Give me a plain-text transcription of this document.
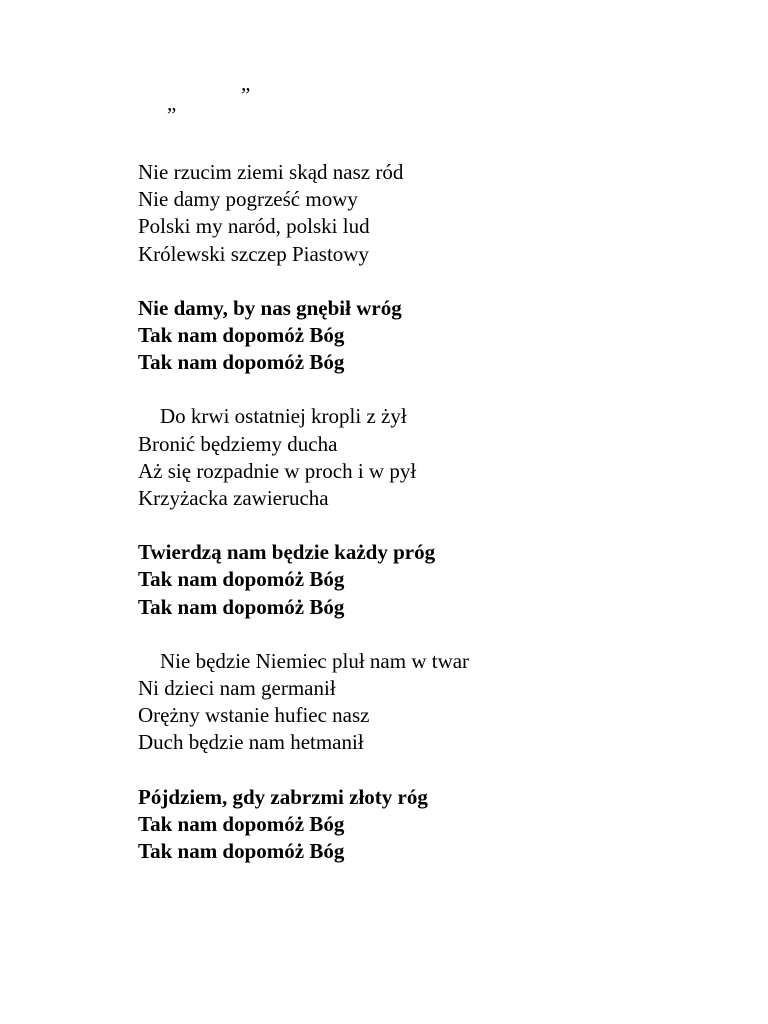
„	”
Nie rzucim ziemi skąd nasz ród
Nie damy pogrześć mowy
Polski my naród, polski lud
Królewski szczep Piastowy
Nie damy, by nas gnębił wróg
Tak nam dopomóż Bóg
Tak nam dopomóż Bóg
Do krwi ostatniej kropli z żył
Bronić będziemy ducha
Aż się rozpadnie w proch i w pył
Krzyżacka zawierucha
Twierdzą nam będzie każdy próg
Tak nam dopomóż Bóg
Tak nam dopomóż Bóg
Nie będzie Niemiec pluł nam w twar
Ni dzieci nam germanił
Orężny wstanie hufiec nasz
Duch będzie nam hetmanił
Pójdziem, gdy zabrzmi złoty róg
Tak nam dopomóż Bóg
Tak nam dopomóż Bóg
